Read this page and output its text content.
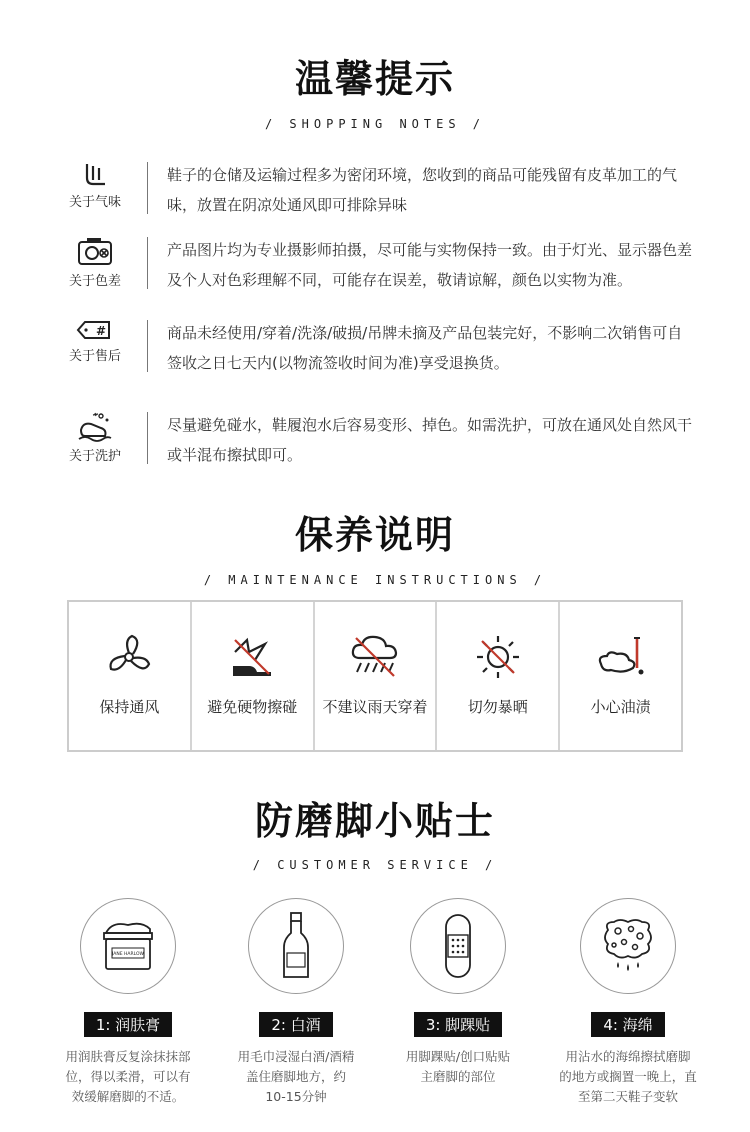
温馨提示
/ SHOPPING NOTES /
关于气味
鞋子的仓储及运输过程多为密闭环境，您收到的商品可能残留有皮革加工的气味，放置在阴凉处通风即可排除异味
关于色差
产品图片均为专业摄影师拍摄，尽可能与实物保持一致。由于灯光、显示器色差及个人对色彩理解不同，可能存在误差，敬请谅解，颜色以实物为准。
#
关于售后
商品未经使用/穿着/洗涤/破损/吊牌未摘及产品包装完好，不影响二次销售可自签收之日七天内(以物流签收时间为准)享受退换货。
关于洗护
尽量避免碰水，鞋履泡水后容易变形、掉色。如需洗护，可放在通风处自然风干或半混布擦拭即可。
保养说明
/ MAINTENANCE INSTRUCTIONS /
保持通风	避免硬物擦碰 不建议雨天穿着	切勿暴晒	小心油渍
防磨脚小贴士
/ CUSTOMER SERVICE /
JANE HARLOW
1: 润肤膏
用润肤膏反复涂抹抹部
位，得以柔滑，可以有
效缓解磨脚的不适。
2: 白酒
用毛巾浸湿白酒/酒精
盖住磨脚地方，约
10-15分钟
3: 脚踝贴
用脚踝贴/创口贴贴
主磨脚的部位
4: 海绵
用沾水的海绵擦拭磨脚
的地方或搁置一晚上，直
至第二天鞋子变软
